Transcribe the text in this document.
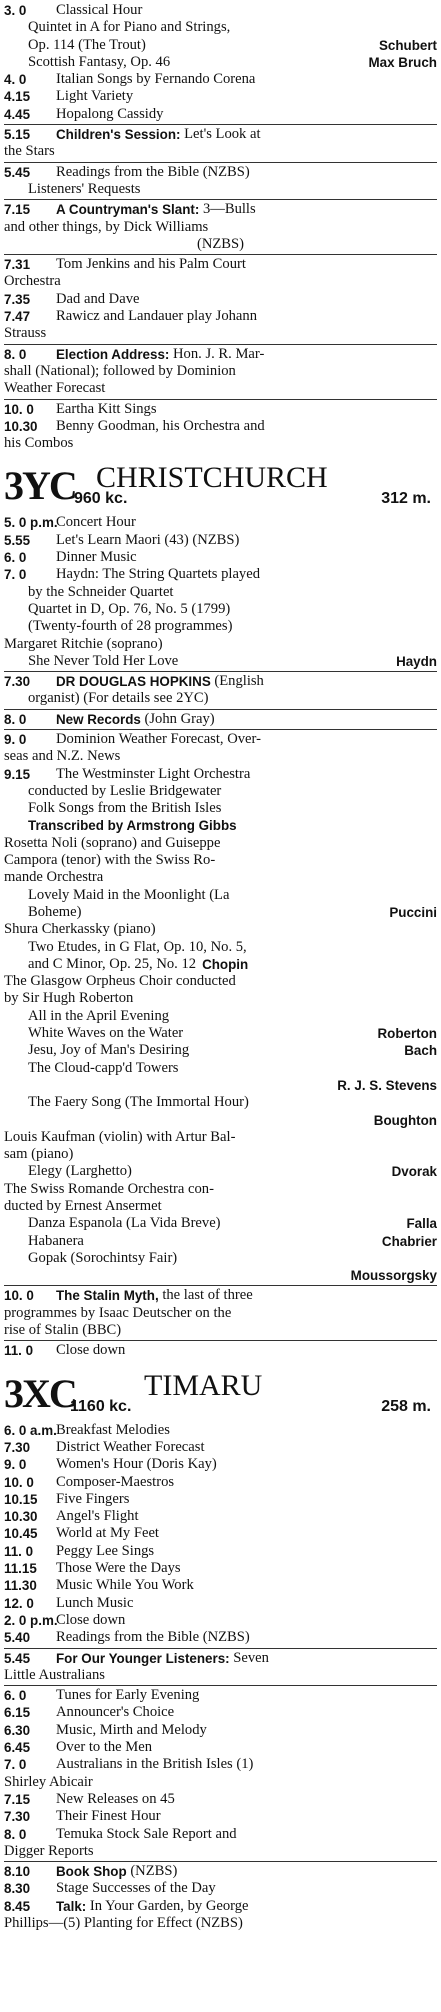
3. 0 Classical Hour
Quintet in A for Piano and Strings,
Schubert
Op. 114 (The Trout)
Max Bruch
Scottish Fantasy, Op. 46
4. 0 Italian Songs by Fernando Corena
4.15 Light Variety
4.45 Hopalong Cassidy
5.15 Children's Session: Let's Look at
the Stars
5.45 Readings from the Bible (NZBS)
Listeners' Requests
7.15 A Countryman's Slant: 3—Bulls
and other things, by Dick Williams
(NZBS)
7.31 Tom Jenkins and his Palm Court
Orchestra
7.35 Dad and Dave
7.47 Rawicz and Landauer play Johann
Strauss
8. 0 Election Address: Hon. J. R. Mar-
shall (National); followed by Dominion
Weather Forecast
10. 0 Eartha Kitt Sings
10.30 Benny Goodman, his Orchestra and
his Combos
3YC CHRISTCHURCH
960 kc.	312 m.
5. 0 p.m.Concert Hour
5.55 Let's Learn Maori (43) (NZBS)
6. 0 Dinner Music
7. 0 Haydn: The String Quartets played
by the Schneider Quartet
Quartet in D, Op. 76, No. 5 (1799)
(Twenty-fourth of 28 programmes)
Margaret Ritchie (soprano)
Haydn
She Never Told Her Love
7.30 DR DOUGLAS HOPKINS (English
organist) (For details see 2YC)
8. 0 New Records (John Gray)
9. 0 Dominion Weather Forecast, Over-
seas and N.Z. News
9.15 The Westminster Light Orchestra
conducted by Leslie Bridgewater
Folk Songs from the British Isles
Transcribed by Armstrong Gibbs
Rosetta Noli (soprano) and Guiseppe
Campora (tenor) with the Swiss Ro-
mande Orchestra
Lovely Maid in the Moonlight (La
Puccini
Boheme)
Shura Cherkassky (piano)
Two Etudes, in G Flat, Op. 10, No. 5,
and C Minor, Op. 25, No. 12 Chopin
The Glasgow Orpheus Choir conducted
by Sir Hugh Roberton
All in the April Evening
Roberton
White Waves on the Water
Bach
Jesu, Joy of Man's Desiring
The Cloud-capp'd Towers
R. J. S. Stevens
The Faery Song (The Immortal Hour)
Boughton
Louis Kaufman (violin) with Artur Bal-
sam (piano)
Dvorak
Elegy (Larghetto)
The Swiss Romande Orchestra con-
ducted by Ernest Ansermet
Falla
Danza Espanola (La Vida Breve)
Chabrier
Habanera
Gopak (Sorochintsy Fair)
Moussorgsky
10. 0 The Stalin Myth, the last of three
programmes by Isaac Deutscher on the
rise of Stalin (BBC)
11. 0 Close down
3XC TIMARU
1160 kc.	258 m.
6. 0 a.m.Breakfast Melodies
7.30 District Weather Forecast
9. 0 Women's Hour (Doris Kay)
10. 0 Composer-Maestros
10.15 Five Fingers
10.30 Angel's Flight
10.45 World at My Feet
11. 0 Peggy Lee Sings
11.15 Those Were the Days
11.30 Music While You Work
12. 0 Lunch Music
2. 0 p.m.Close down
5.40 Readings from the Bible (NZBS)
5.45 For Our Younger Listeners: Seven
Little Australians
6. 0 Tunes for Early Evening
6.15 Announcer's Choice
6.30 Music, Mirth and Melody
6.45 Over to the Men
7. 0 Australians in the British Isles (1)
Shirley Abicair
7.15 New Releases on 45
7.30 Their Finest Hour
8. 0 Temuka Stock Sale Report and
Digger Reports
8.10 Book Shop (NZBS)
8.30 Stage Successes of the Day
8.45 Talk: In Your Garden, by George
Phillips—(5) Planting for Effect (NZBS)
